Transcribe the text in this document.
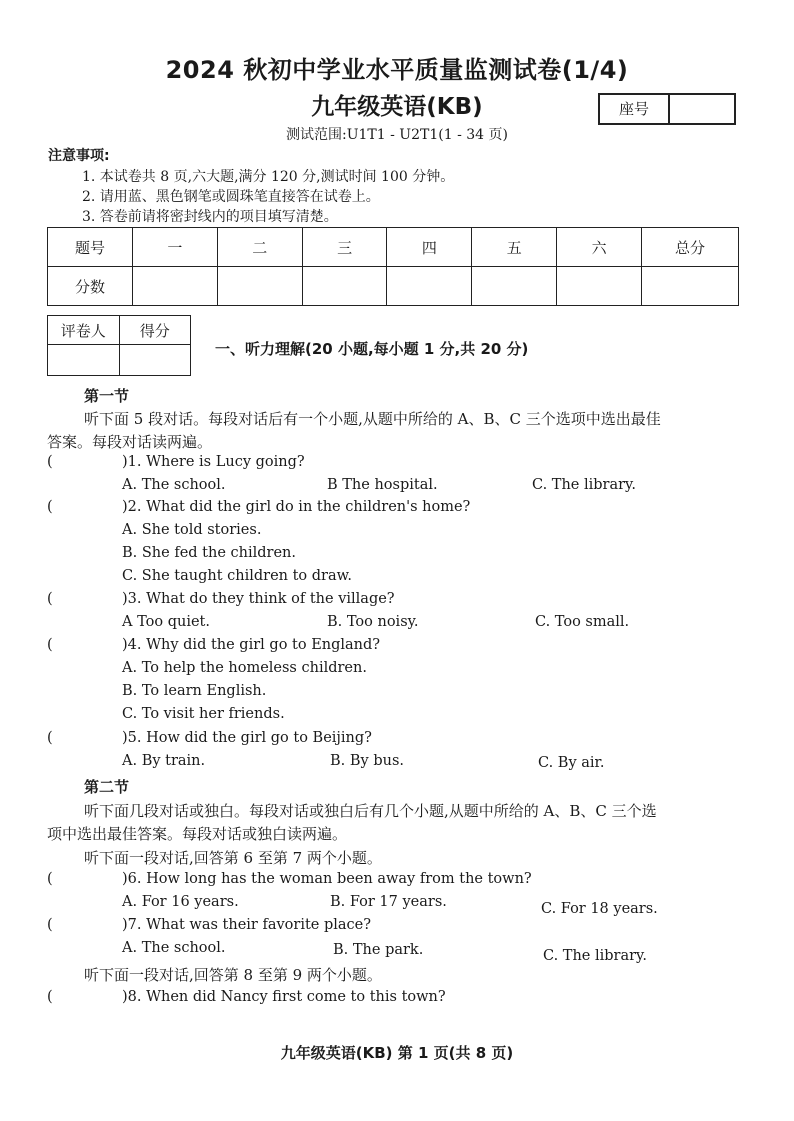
2024 秋初中学业水平质量监测试卷(1/4)
九年级英语(KB)	座号
测试范围:U1T1 - U2T1(1 - 34 页)
注意事项:
1. 本试卷共 8 页,六大题,满分 120 分,测试时间 100 分钟。
2. 请用蓝、黑色钢笔或圆珠笔直接答在试卷上。
3. 答卷前请将密封线内的项目填写清楚。
题号	一	二	三	四	五	六	总分
分数							
评卷人	得分

一、听力理解(20 小题,每小题 1 分,共 20 分)
第一节
听下面 5 段对话。每段对话后有一个小题,从题中所给的 A、B、C 三个选项中选出最佳
答案。每段对话读两遍。
(	)1. Where is Lucy going?
A. The school.	B The hospital.	C. The library.
(	)2. What did the girl do in the children's home?
A. She told stories.
B. She fed the children.
C. She taught children to draw.
(	)3. What do they think of the village?
A Too quiet.	B. Too noisy.	C. Too small.
(	)4. Why did the girl go to England?
A. To help the homeless children.
B. To learn English.
C. To visit her friends.
(	)5. How did the girl go to Beijing?
A. By train.	B. By bus.	C. By air.
第二节
听下面几段对话或独白。每段对话或独白后有几个小题,从题中所给的 A、B、C 三个选
项中选出最佳答案。每段对话或独白读两遍。
听下面一段对话,回答第 6 至第 7 两个小题。
(	)6. How long has the woman been away from the town?
A. For 16 years.	B. For 17 years.	C. For 18 years.
(	)7. What was their favorite place?
A. The school.	B. The park.	C. The library.
听下面一段对话,回答第 8 至第 9 两个小题。
(	)8. When did Nancy first come to this town?
九年级英语(KB) 第 1 页(共 8 页)
